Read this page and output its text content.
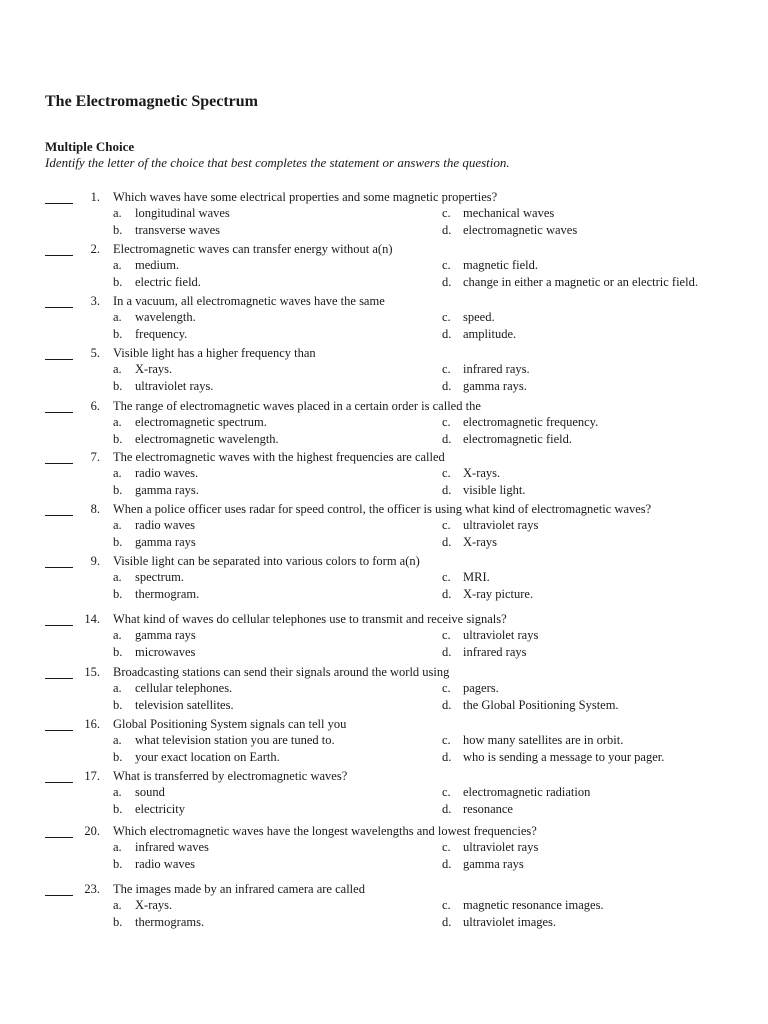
The Electromagnetic Spectrum
Multiple Choice
Identify the letter of the choice that best completes the statement or answers the question.
1. Which waves have some electrical properties and some magnetic properties?
a. longitudinal waves
b. transverse waves
c. mechanical waves
d. electromagnetic waves
2. Electromagnetic waves can transfer energy without a(n)
a. medium.
b. electric field.
c. magnetic field.
d. change in either a magnetic or an electric field.
3. In a vacuum, all electromagnetic waves have the same
a. wavelength.
b. frequency.
c. speed.
d. amplitude.
5. Visible light has a higher frequency than
a. X-rays.
b. ultraviolet rays.
c. infrared rays.
d. gamma rays.
6. The range of electromagnetic waves placed in a certain order is called the
a. electromagnetic spectrum.
b. electromagnetic wavelength.
c. electromagnetic frequency.
d. electromagnetic field.
7. The electromagnetic waves with the highest frequencies are called
a. radio waves.
b. gamma rays.
c. X-rays.
d. visible light.
8. When a police officer uses radar for speed control, the officer is using what kind of electromagnetic waves?
a. radio waves
b. gamma rays
c. ultraviolet rays
d. X-rays
9. Visible light can be separated into various colors to form a(n)
a. spectrum.
b. thermogram.
c. MRI.
d. X-ray picture.
14. What kind of waves do cellular telephones use to transmit and receive signals?
a. gamma rays
b. microwaves
c. ultraviolet rays
d. infrared rays
15. Broadcasting stations can send their signals around the world using
a. cellular telephones.
b. television satellites.
c. pagers.
d. the Global Positioning System.
16. Global Positioning System signals can tell you
a. what television station you are tuned to.
b. your exact location on Earth.
c. how many satellites are in orbit.
d. who is sending a message to your pager.
17. What is transferred by electromagnetic waves?
a. sound
b. electricity
c. electromagnetic radiation
d. resonance
20. Which electromagnetic waves have the longest wavelengths and lowest frequencies?
a. infrared waves
b. radio waves
c. ultraviolet rays
d. gamma rays
23. The images made by an infrared camera are called
a. X-rays.
b. thermograms.
c. magnetic resonance images.
d. ultraviolet images.
